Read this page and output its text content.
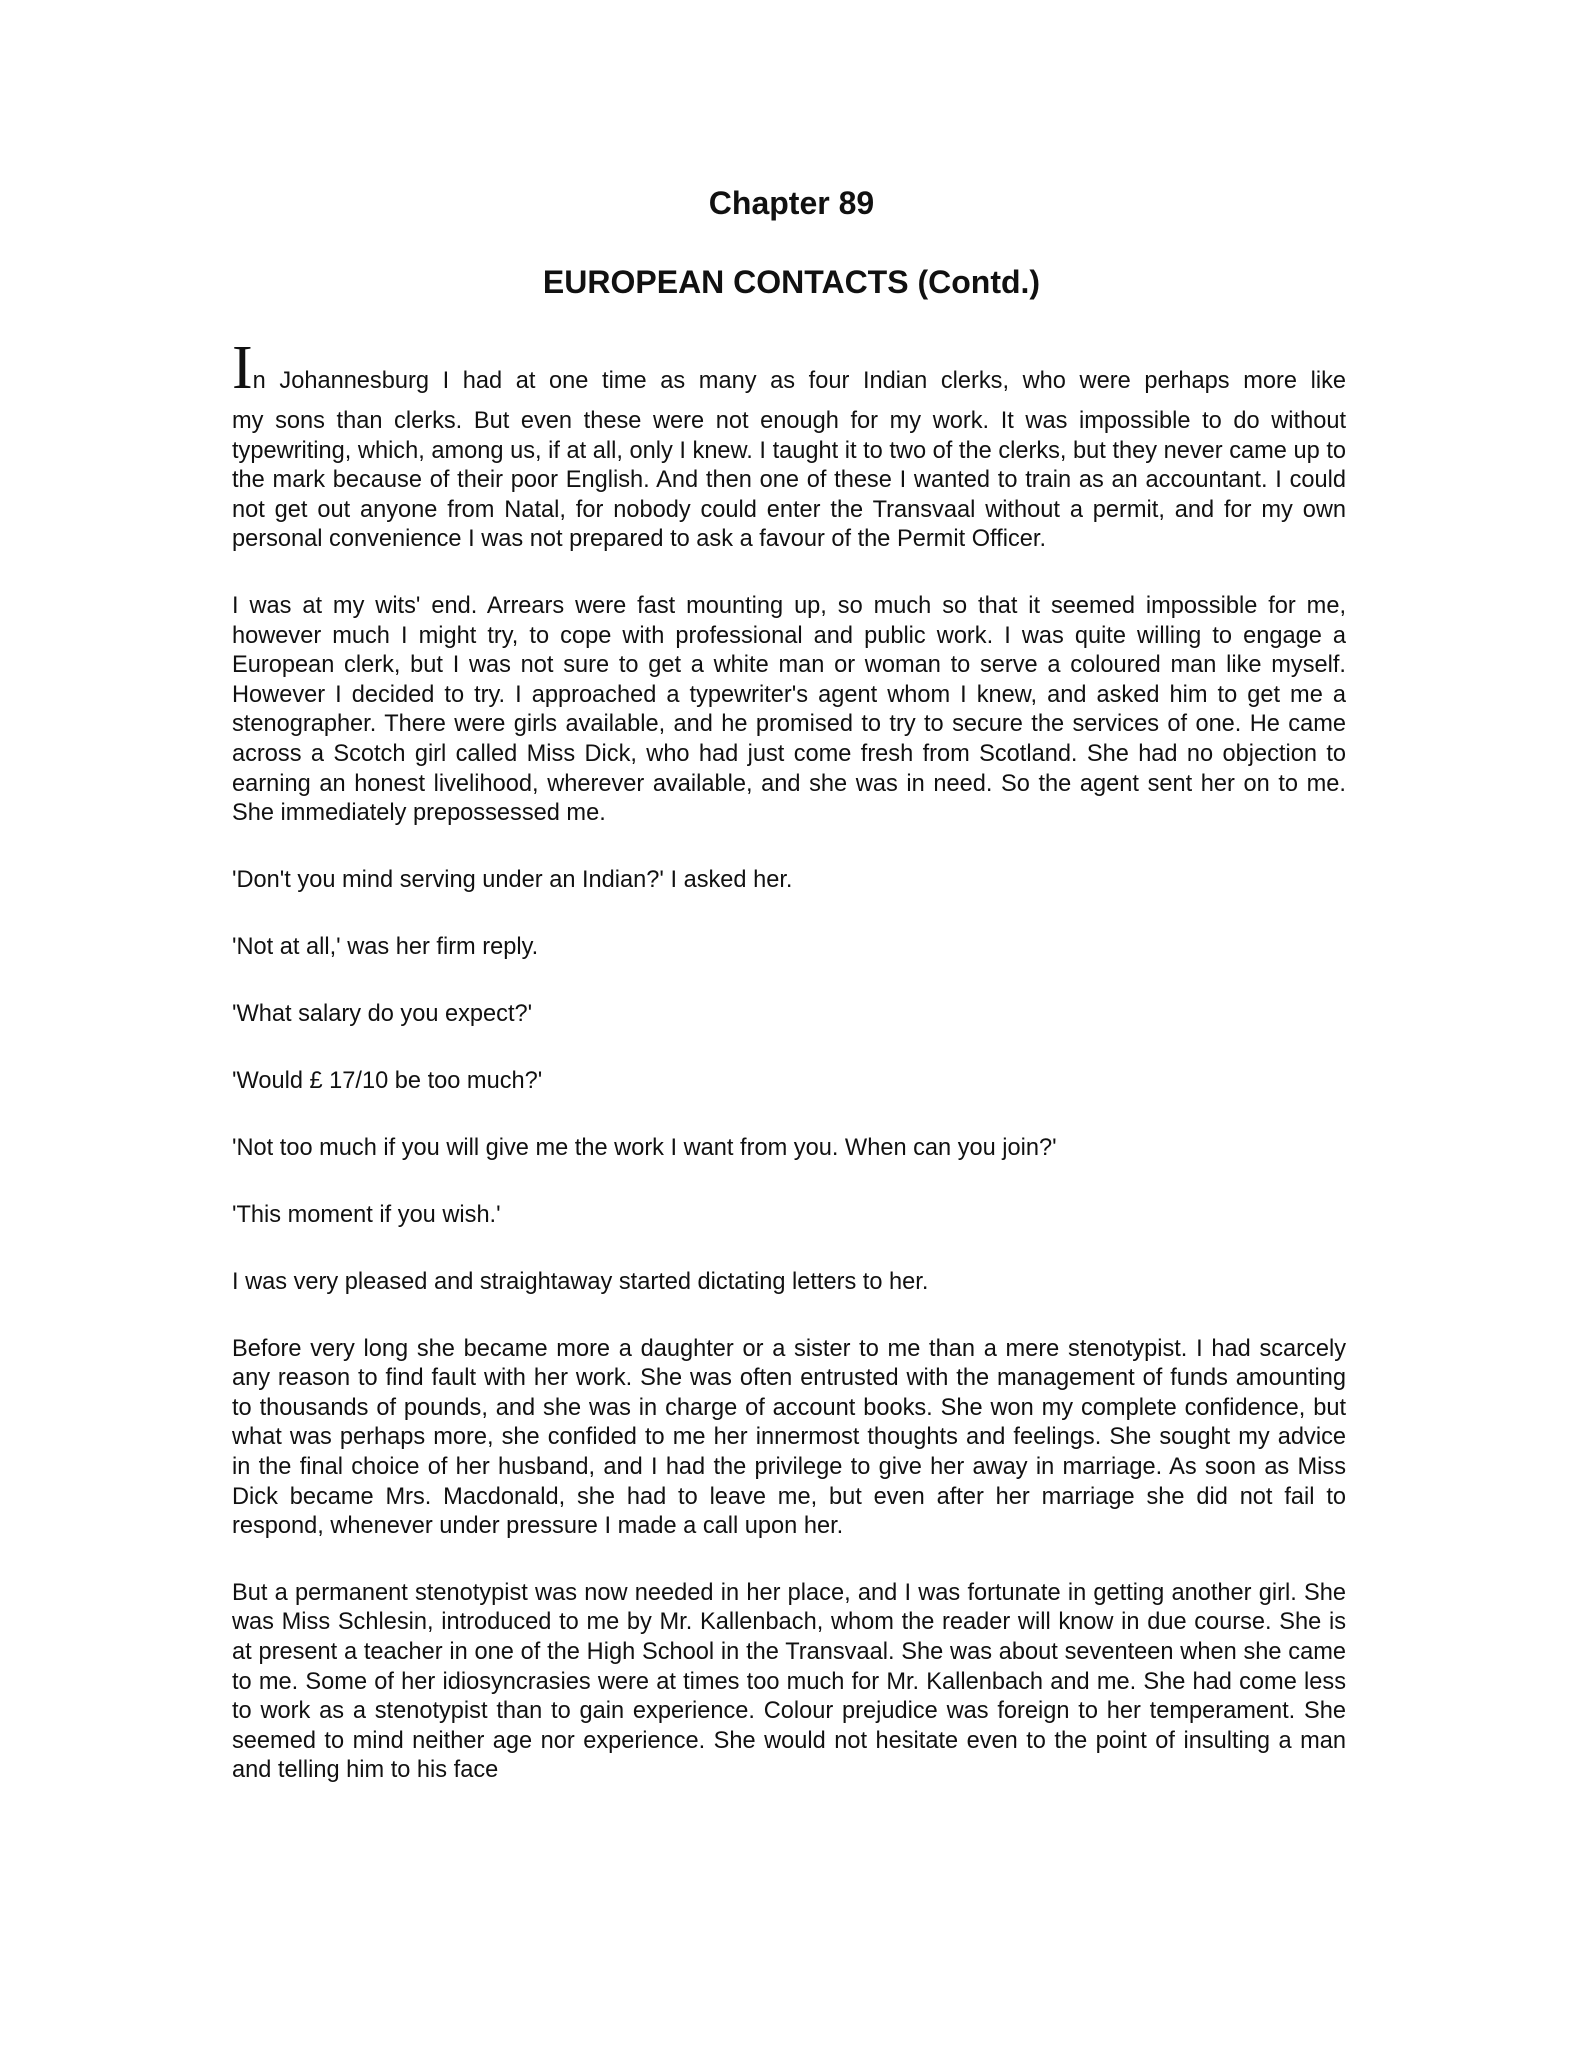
Chapter 89
EUROPEAN CONTACTS (Contd.)

In Johannesburg I had at one time as many as four Indian clerks, who were perhaps more like
my sons than clerks. But even these were not enough for my work. It was impossible to do without typewriting, which, among us, if at all, only I knew. I taught it to two of the clerks, but they never came up to the mark because of their poor English. And then one of these I wanted to train as an accountant. I could not get out anyone from Natal, for nobody could enter the Transvaal without a permit, and for my own personal convenience I was not prepared to ask a favour of the Permit Officer.

I was at my wits' end. Arrears were fast mounting up, so much so that it seemed impossible for me, however much I might try, to cope with professional and public work. I was quite willing to engage a European clerk, but I was not sure to get a white man or woman to serve a coloured man like myself. However I decided to try. I approached a typewriter's agent whom I knew, and asked him to get me a stenographer. There were girls available, and he promised to try to secure the services of one. He came across a Scotch girl called Miss Dick, who had just come fresh from Scotland. She had no objection to earning an honest livelihood, wherever available, and she was in need. So the agent sent her on to me. She immediately prepossessed me.

'Don't you mind serving under an Indian?' I asked her.

'Not at all,' was her firm reply.

'What salary do you expect?'

'Would £ 17/10 be too much?'

'Not too much if you will give me the work I want from you. When can you join?'

'This moment if you wish.'

I was very pleased and straightaway started dictating letters to her.

Before very long she became more a daughter or a sister to me than a mere stenotypist. I had scarcely any reason to find fault with her work. She was often entrusted with the management of funds amounting to thousands of pounds, and she was in charge of account books. She won my complete confidence, but what was perhaps more, she confided to me her innermost thoughts and feelings. She sought my advice in the final choice of her husband, and I had the privilege to give her away in marriage. As soon as Miss Dick became Mrs. Macdonald, she had to leave me, but even after her marriage she did not fail to respond, whenever under pressure I made a call upon her.

But a permanent stenotypist was now needed in her place, and I was fortunate in getting another girl. She was Miss Schlesin, introduced to me by Mr. Kallenbach, whom the reader will know in due course. She is at present a teacher in one of the High School in the Transvaal. She was about seventeen when she came to me. Some of her idiosyncrasies were at times too much for Mr. Kallenbach and me. She had come less to work as a stenotypist than to gain experience. Colour prejudice was foreign to her temperament. She seemed to mind neither age nor experience. She would not hesitate even to the point of insulting a man and telling him to his face
